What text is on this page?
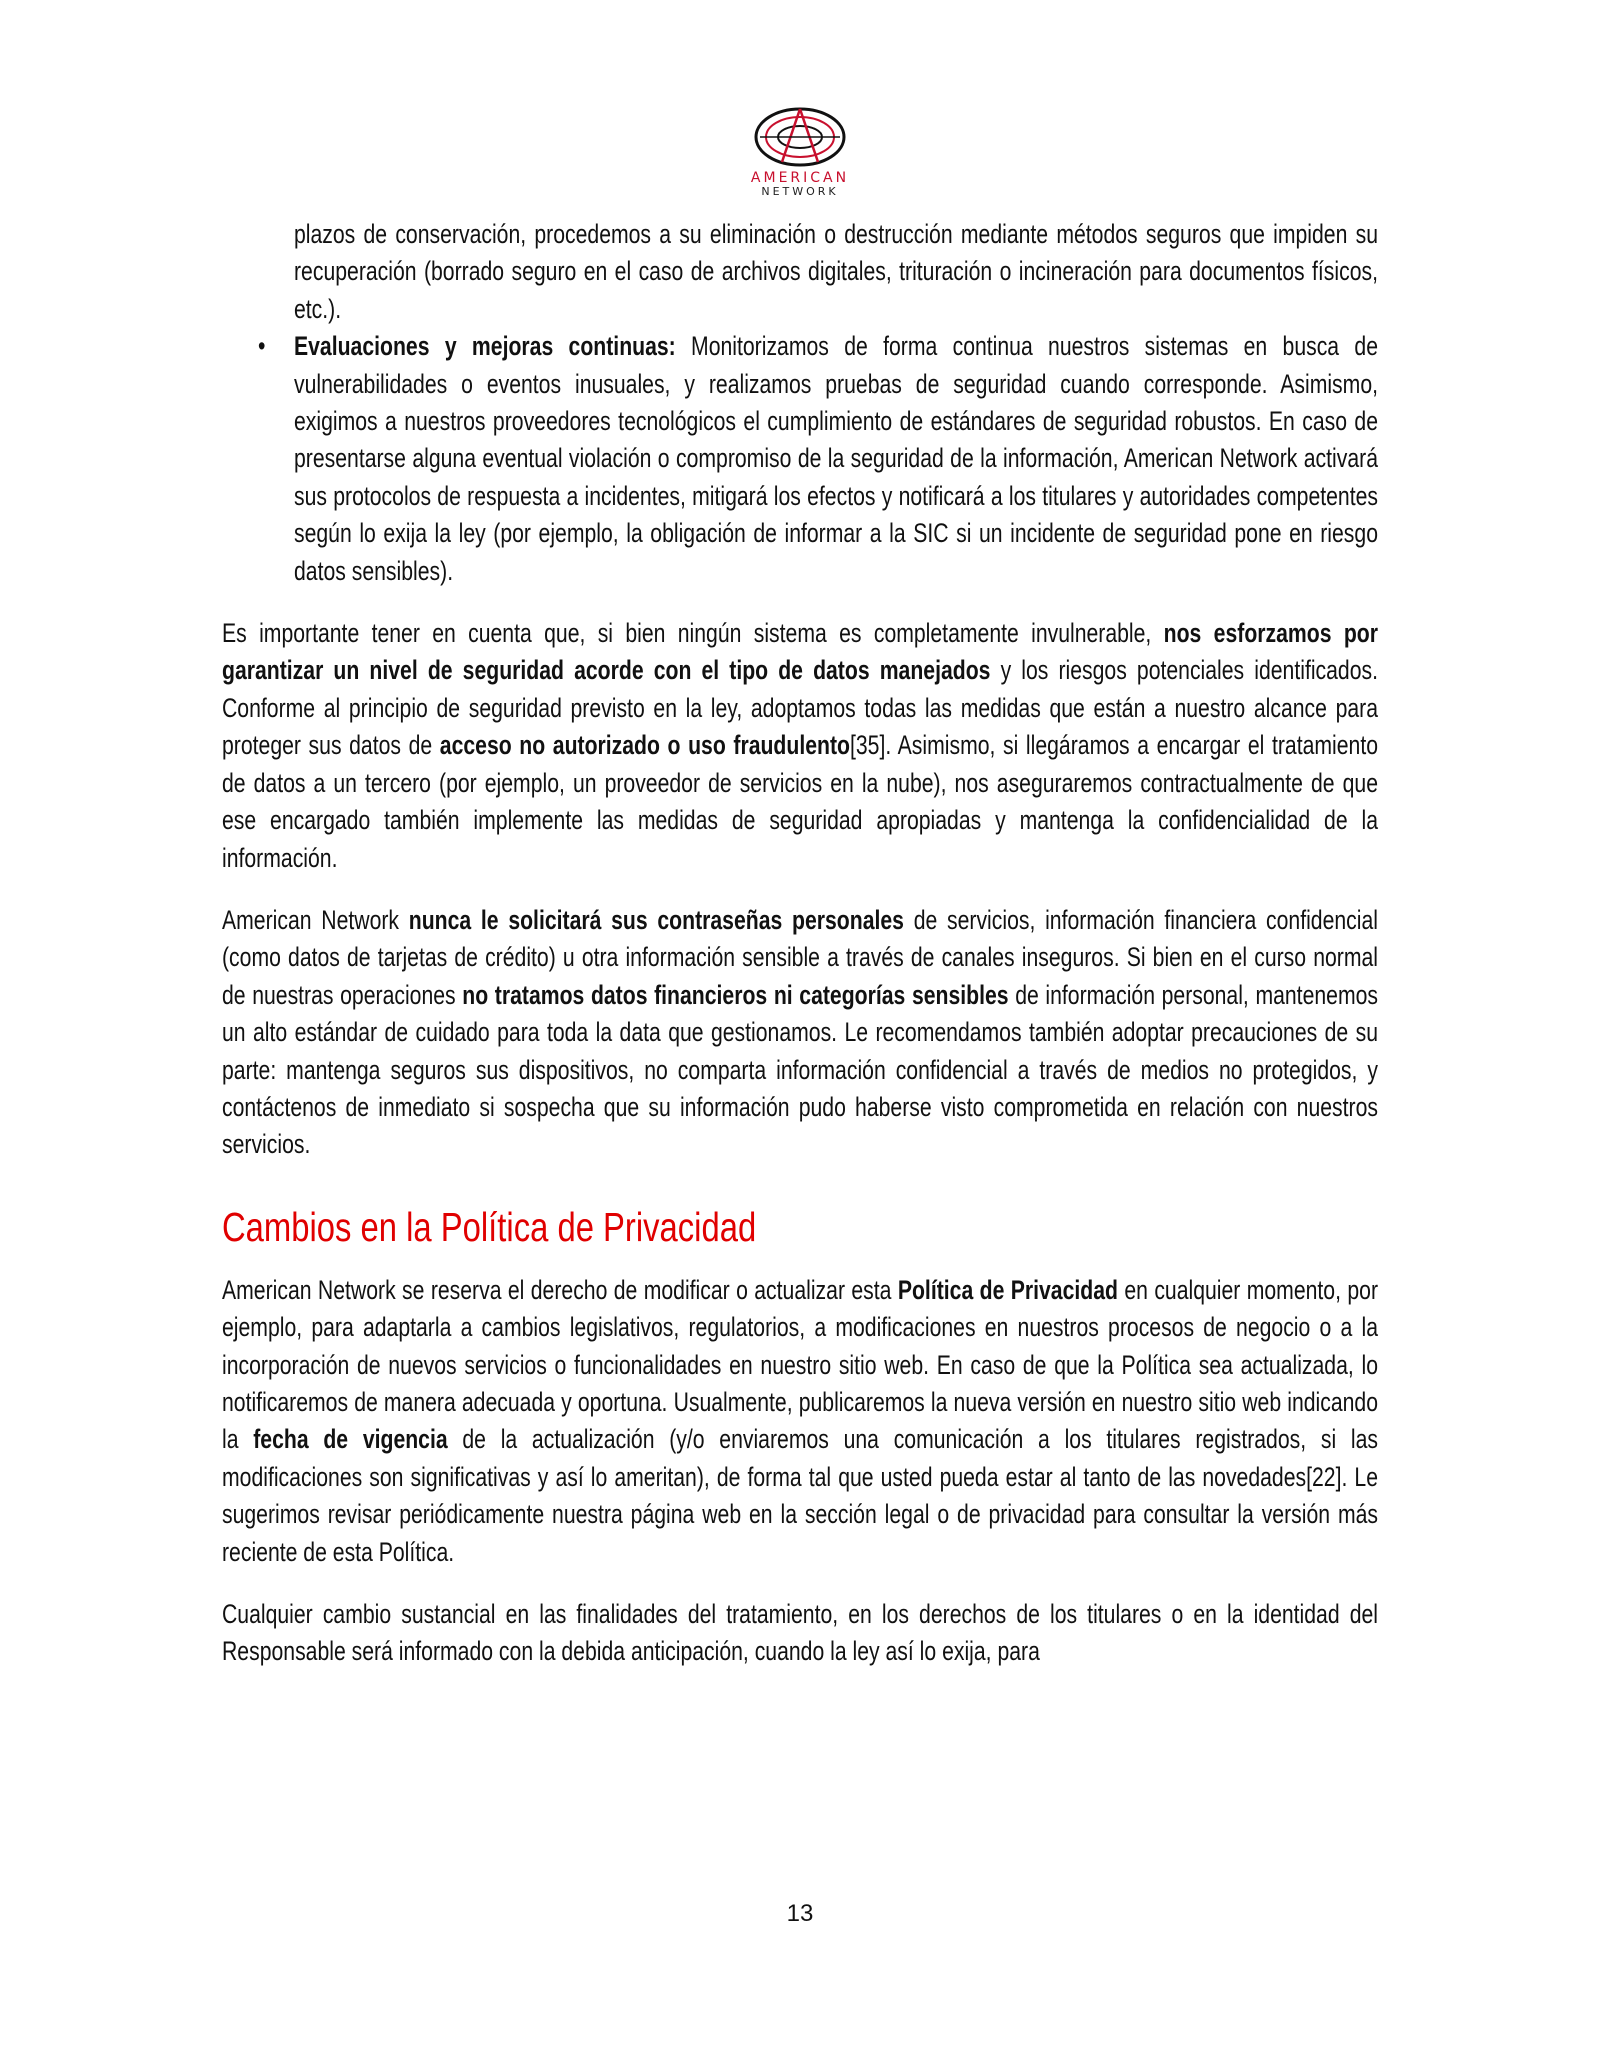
AMERICAN
NETWORK
plazos de conservación, procedemos a su eliminación o destrucción mediante métodos seguros que impiden su recuperación (borrado seguro en el caso de archivos digitales, trituración o incineración para documentos físicos, etc.).
• Evaluaciones y mejoras continuas: Monitorizamos de forma continua nuestros sistemas en busca de vulnerabilidades o eventos inusuales, y realizamos pruebas de seguridad cuando corresponde. Asimismo, exigimos a nuestros proveedores tecnológicos el cumplimiento de estándares de seguridad robustos. En caso de presentarse alguna eventual violación o compromiso de la seguridad de la información, American Network activará sus protocolos de respuesta a incidentes, mitigará los efectos y notificará a los titulares y autoridades competentes según lo exija la ley (por ejemplo, la obligación de informar a la SIC si un incidente de seguridad pone en riesgo datos sensibles).

Es importante tener en cuenta que, si bien ningún sistema es completamente invulnerable, nos esforzamos por garantizar un nivel de seguridad acorde con el tipo de datos manejados y los riesgos potenciales identificados. Conforme al principio de seguridad previsto en la ley, adoptamos todas las medidas que están a nuestro alcance para proteger sus datos de acceso no autorizado o uso fraudulento[35]. Asimismo, si llegáramos a encargar el tratamiento de datos a un tercero (por ejemplo, un proveedor de servicios en la nube), nos aseguraremos contractualmente de que ese encargado también implemente las medidas de seguridad apropiadas y mantenga la confidencialidad de la información.

American Network nunca le solicitará sus contraseñas personales de servicios, información financiera confidencial (como datos de tarjetas de crédito) u otra información sensible a través de canales inseguros. Si bien en el curso normal de nuestras operaciones no tratamos datos financieros ni categorías sensibles de información personal, mantenemos un alto estándar de cuidado para toda la data que gestionamos. Le recomendamos también adoptar precauciones de su parte: mantenga seguros sus dispositivos, no comparta información confidencial a través de medios no protegidos, y contáctenos de inmediato si sospecha que su información pudo haberse visto comprometida en relación con nuestros servicios.

Cambios en la Política de Privacidad

American Network se reserva el derecho de modificar o actualizar esta Política de Privacidad en cualquier momento, por ejemplo, para adaptarla a cambios legislativos, regulatorios, a modificaciones en nuestros procesos de negocio o a la incorporación de nuevos servicios o funcionalidades en nuestro sitio web. En caso de que la Política sea actualizada, lo notificaremos de manera adecuada y oportuna. Usualmente, publicaremos la nueva versión en nuestro sitio web indicando la fecha de vigencia de la actualización (y/o enviaremos una comunicación a los titulares registrados, si las modificaciones son significativas y así lo ameritan), de forma tal que usted pueda estar al tanto de las novedades[22]. Le sugerimos revisar periódicamente nuestra página web en la sección legal o de privacidad para consultar la versión más reciente de esta Política.

Cualquier cambio sustancial en las finalidades del tratamiento, en los derechos de los titulares o en la identidad del Responsable será informado con la debida anticipación, cuando la ley así lo exija, para

13
